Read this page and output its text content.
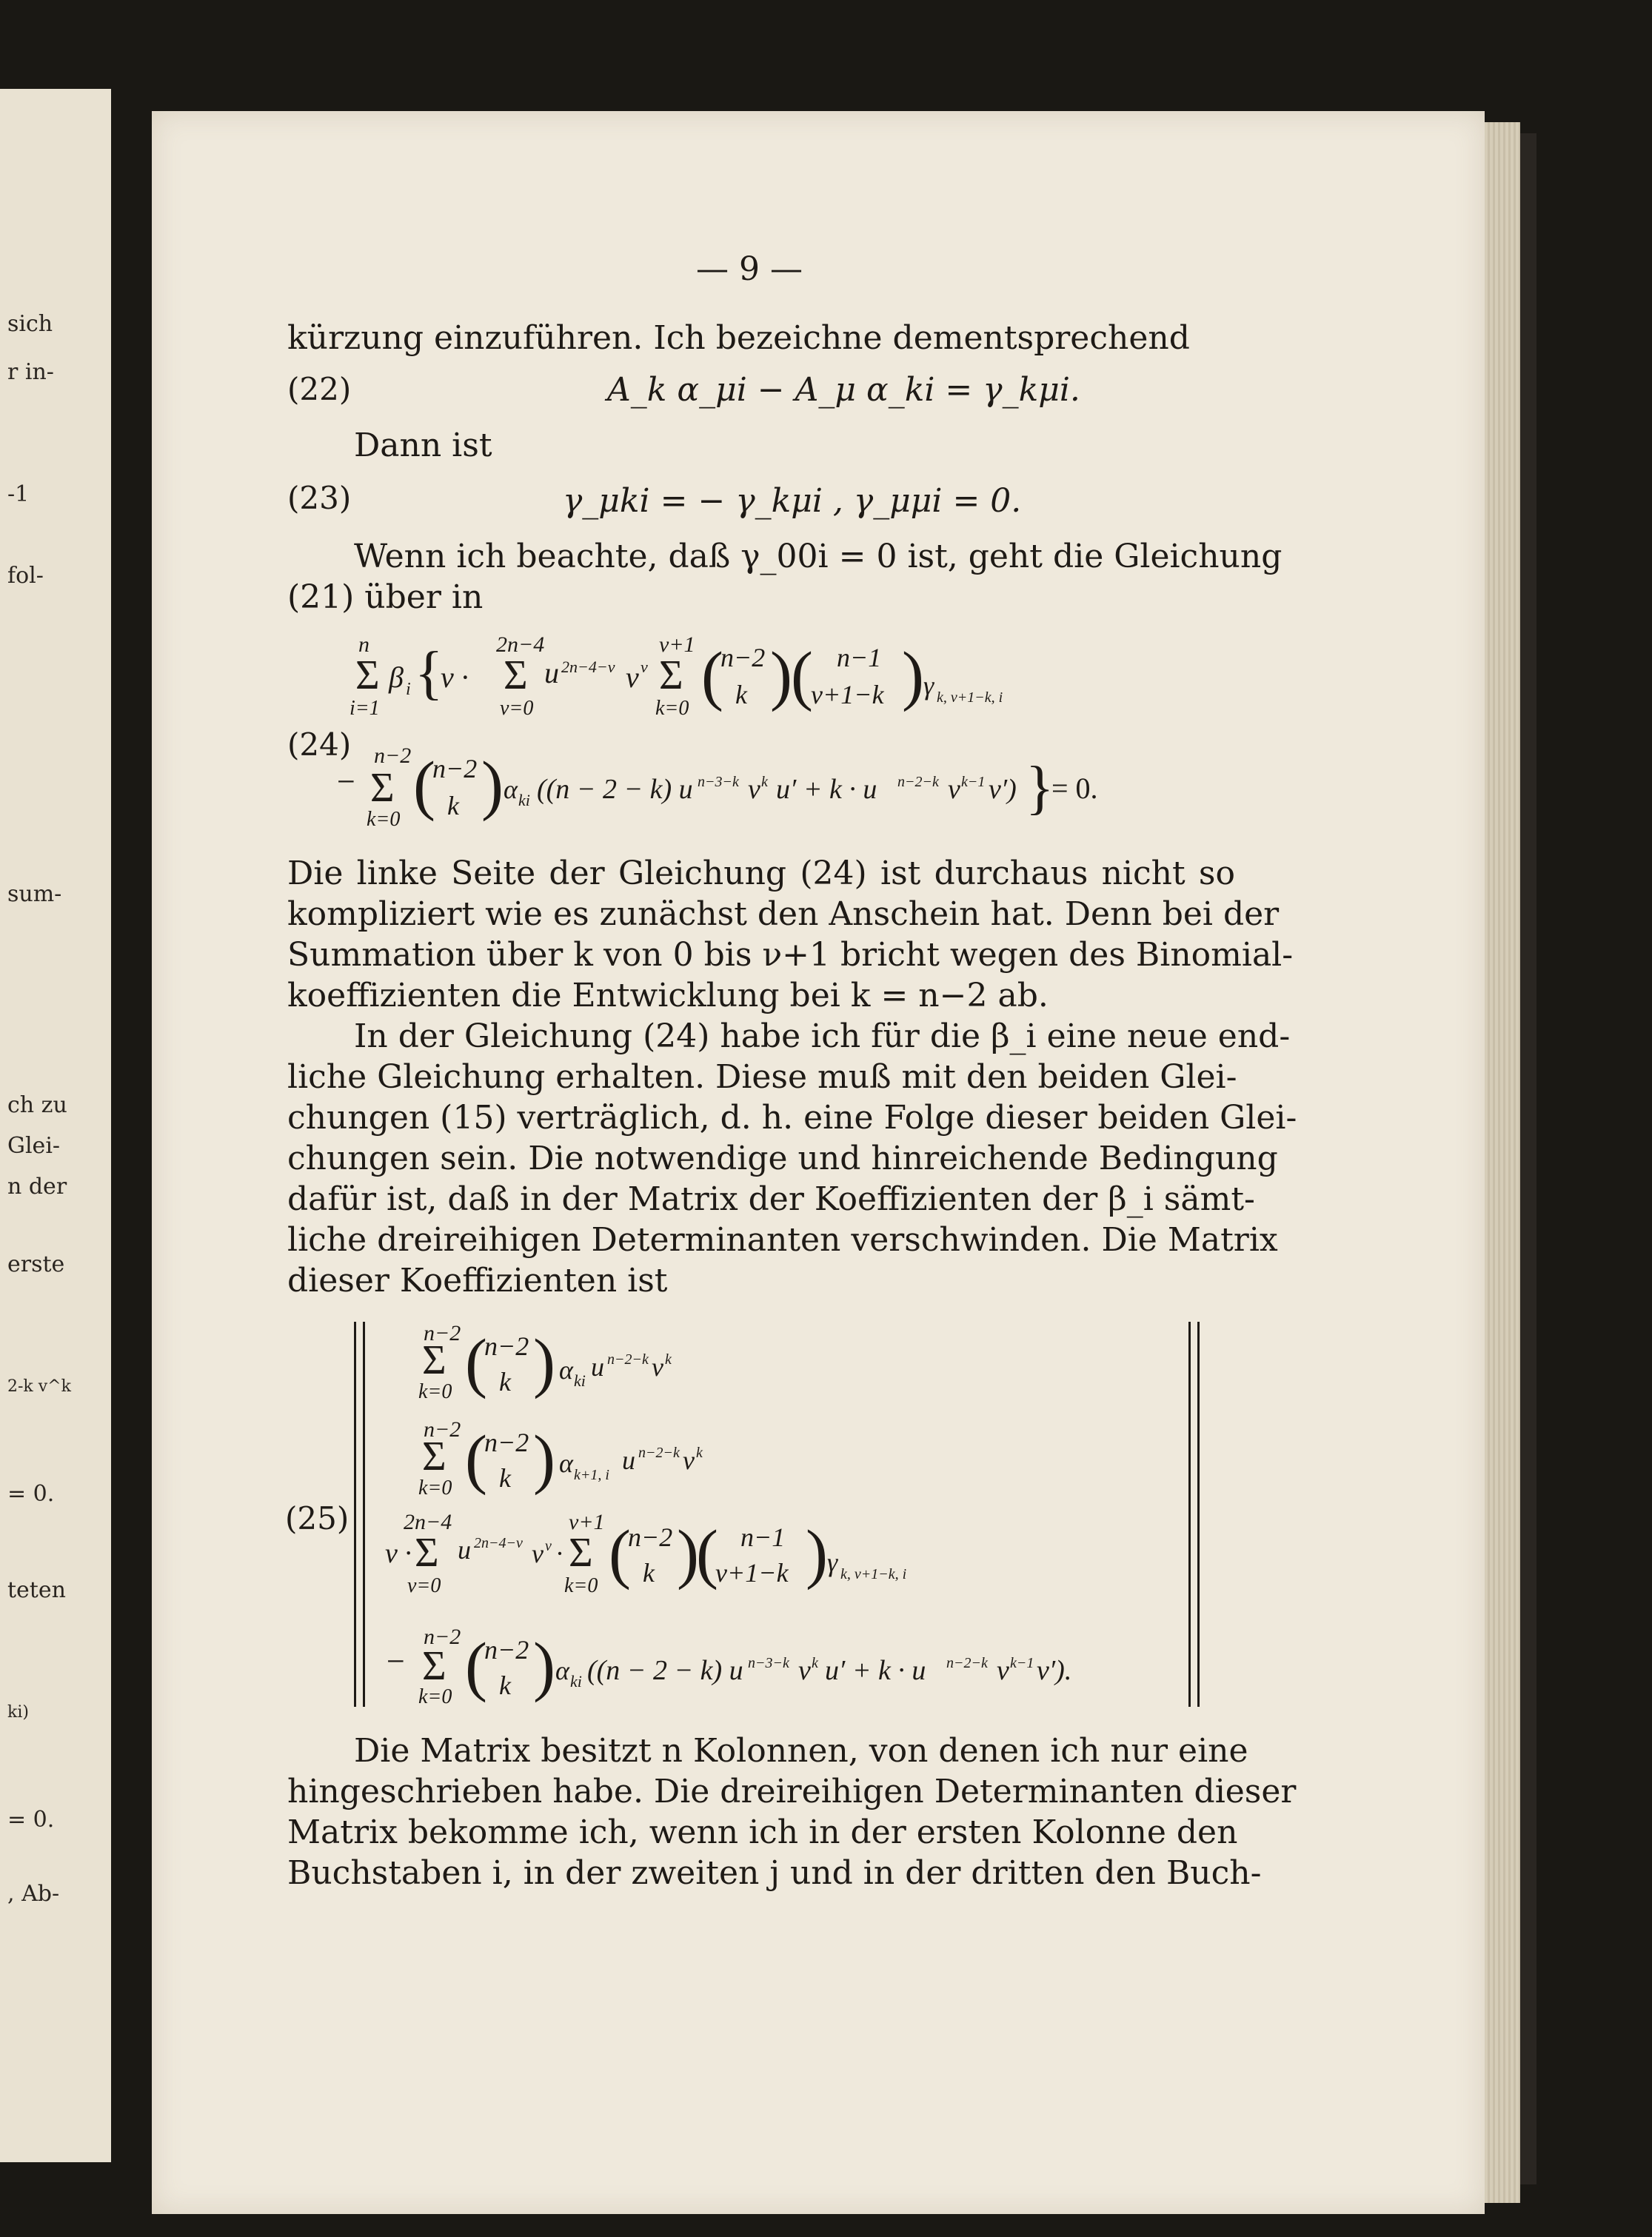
sich
r in-
-1
fol-
sum-
ch zu
Glei-
n der
erste
2-k v^k
= 0.
teten
ki)
= 0.
, Ab-
— 9 —
kürzung einzuführen. Ich bezeichne dementsprechend
(22)	A_k α_μi − A_μ α_ki = γ_kμi.
Dann ist
(23)	γ_μki = − γ_kμi , γ_μμi = 0.
Wenn ich beachte, daß γ_00i = 0 ist, geht die Gleichung
(21) über in
(24)
n
Σ
i=1
β i {
v ·
2n−4
Σ
ν=0
u 2n−4−ν v ν
ν+1
Σ
k=0 (
n−2
k )
( n−1
ν+1−k ) γ k, ν+1−k, i
n−2
− Σ
k=0 (
n−2
k ) α ki ((n − 2 − k) u n−3−k v k u′ + k · u n−2−k v k−1 v′) }
= 0.
Die linke Seite der Gleichung (24) ist durchaus nicht so
kompliziert wie es zunächst den Anschein hat. Denn bei der
Summation über k von 0 bis ν+1 bricht wegen des Binomial-
koeffizienten die Entwicklung bei k = n−2 ab.
In der Gleichung (24) habe ich für die β_i eine neue end-
liche Gleichung erhalten. Diese muß mit den beiden Glei-
chungen (15) verträglich, d. h. eine Folge dieser beiden Glei-
chungen sein. Die notwendige und hinreichende Bedingung
dafür ist, daß in der Matrix der Koeffizienten der β_i sämt-
liche dreireihigen Determinanten verschwinden. Die Matrix
dieser Koeffizienten ist
(25)
n−2
Σ
k=0 (
n−2
k ) α ki u n−2−k v k
n−2
Σ
k=0 (
n−2
k ) α k+1, i u n−2−k v k
2n−4
v · Σ
ν=0
u 2n−4−ν v ν ·
ν+1
Σ
k=0 (
n−2
k )
( n−1
ν+1−k ) γ k, ν+1−k, i
n−2
− Σ
k=0 (
n−2
k ) α ki ((n − 2 − k) u n−3−k v k u′ + k · u n−2−k v k−1 v′).
Die Matrix besitzt n Kolonnen, von denen ich nur eine
hingeschrieben habe. Die dreireihigen Determinanten dieser
Matrix bekomme ich, wenn ich in der ersten Kolonne den
Buchstaben i, in der zweiten j und in der dritten den Buch-
